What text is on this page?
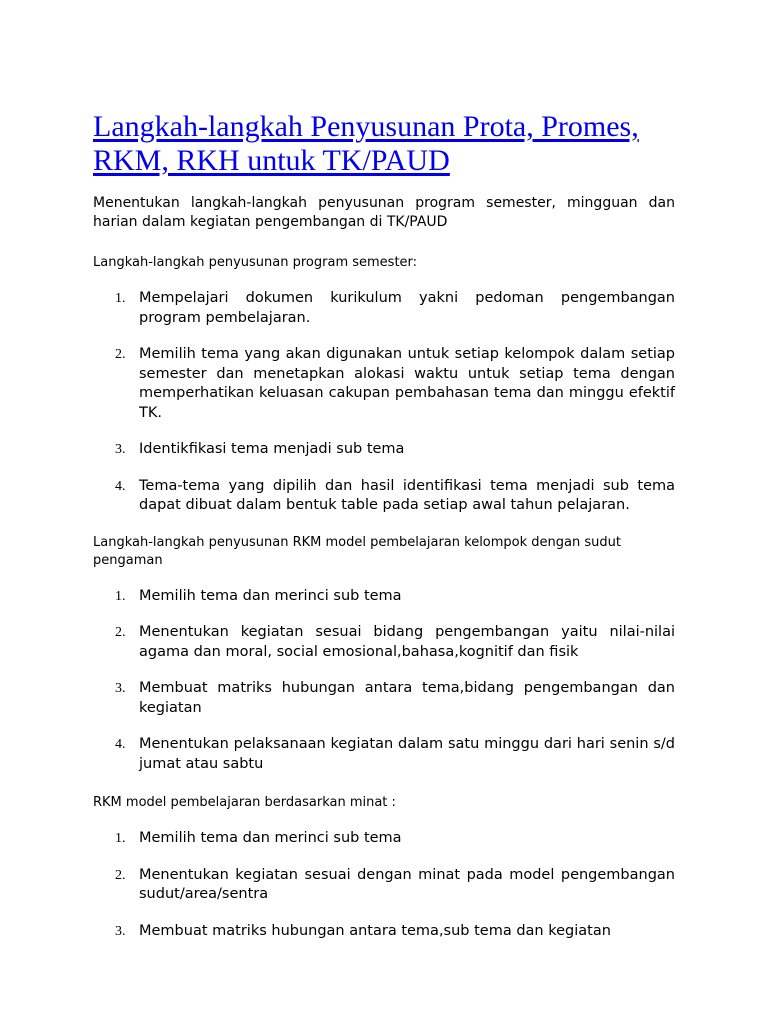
Langkah-langkah Penyusunan Prota, Promes, RKM, RKH untuk TK/PAUD

Menentukan langkah-langkah penyusunan program semester, mingguan dan harian dalam kegiatan pengembangan di TK/PAUD

Langkah-langkah penyusunan program semester:

1. Mempelajari dokumen kurikulum yakni pedoman pengembangan program pembelajaran.
2. Memilih tema yang akan digunakan untuk setiap kelompok dalam setiap semester dan menetapkan alokasi waktu untuk setiap tema dengan memperhatikan keluasan cakupan pembahasan tema dan minggu efektif TK.
3. Identikfikasi tema menjadi sub tema
4. Tema-tema yang dipilih dan hasil identifikasi tema menjadi sub tema dapat dibuat dalam bentuk table pada setiap awal tahun pelajaran.

Langkah-langkah penyusunan RKM model pembelajaran kelompok dengan sudut pengaman

1. Memilih tema dan merinci sub tema
2. Menentukan kegiatan sesuai bidang pengembangan yaitu nilai-nilai agama dan moral, social emosional,bahasa,kognitif dan fisik
3. Membuat matriks hubungan antara tema,bidang pengembangan dan kegiatan
4. Menentukan pelaksanaan kegiatan dalam satu minggu dari hari senin s/d jumat atau sabtu

RKM model pembelajaran berdasarkan minat :

1. Memilih tema dan merinci sub tema
2. Menentukan kegiatan sesuai dengan minat pada model pengembangan sudut/area/sentra
3. Membuat matriks hubungan antara tema,sub tema dan kegiatan
